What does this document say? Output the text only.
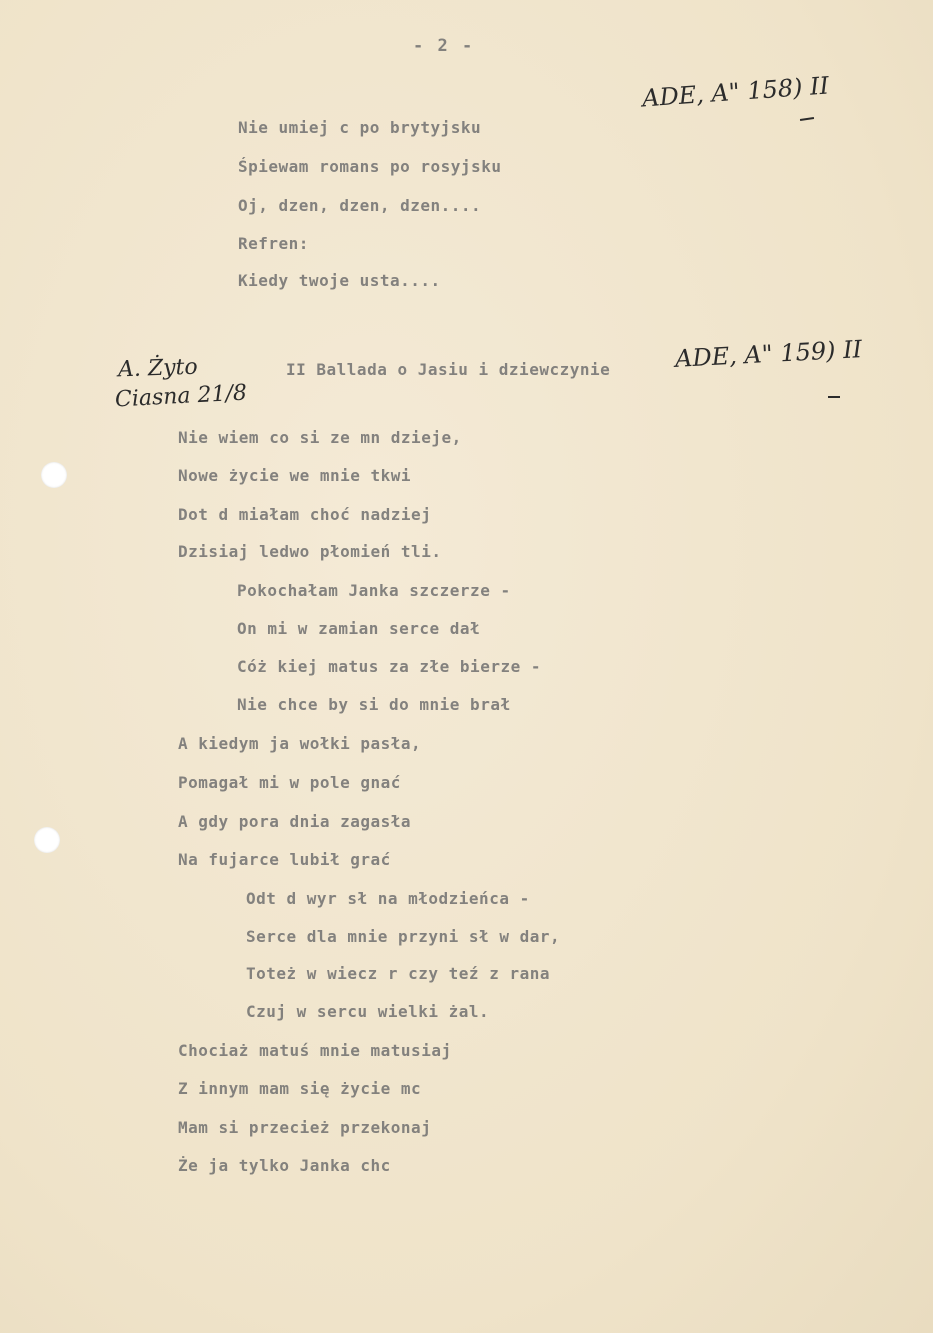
- 2 -
ADE, A" 158) II
Nie umiej c po brytyjsku
Śpiewam romans po rosyjsku
Oj, dzen, dzen, dzen....
Refren:
Kiedy twoje usta....
A. Żyto
Ciasna 21/8
II Ballada o Jasiu i dziewczynie	ADE, A" 159) II
Nie wiem co si ze mn dzieje,
Nowe życie we mnie tkwi
Dot d miałam choć nadziej
Dzisiaj ledwo płomień tli.
Pokochałam Janka szczerze -
On mi w zamian serce dał
Cóż kiej matus za złe bierze -
Nie chce by si do mnie brał
A kiedym ja wołki pasła,
Pomagał mi w pole gnać
A gdy pora dnia zagasła
Na fujarce lubił grać
Odt d wyr sł na młodzieńca -
Serce dla mnie przyni sł w dar,
Toteż w wiecz r czy teź z rana
Czuj w sercu wielki żal.
Chociaż matuś mnie matusiaj
Z innym mam się życie mc
Mam si przecież przekonaj
Że ja tylko Janka chc
